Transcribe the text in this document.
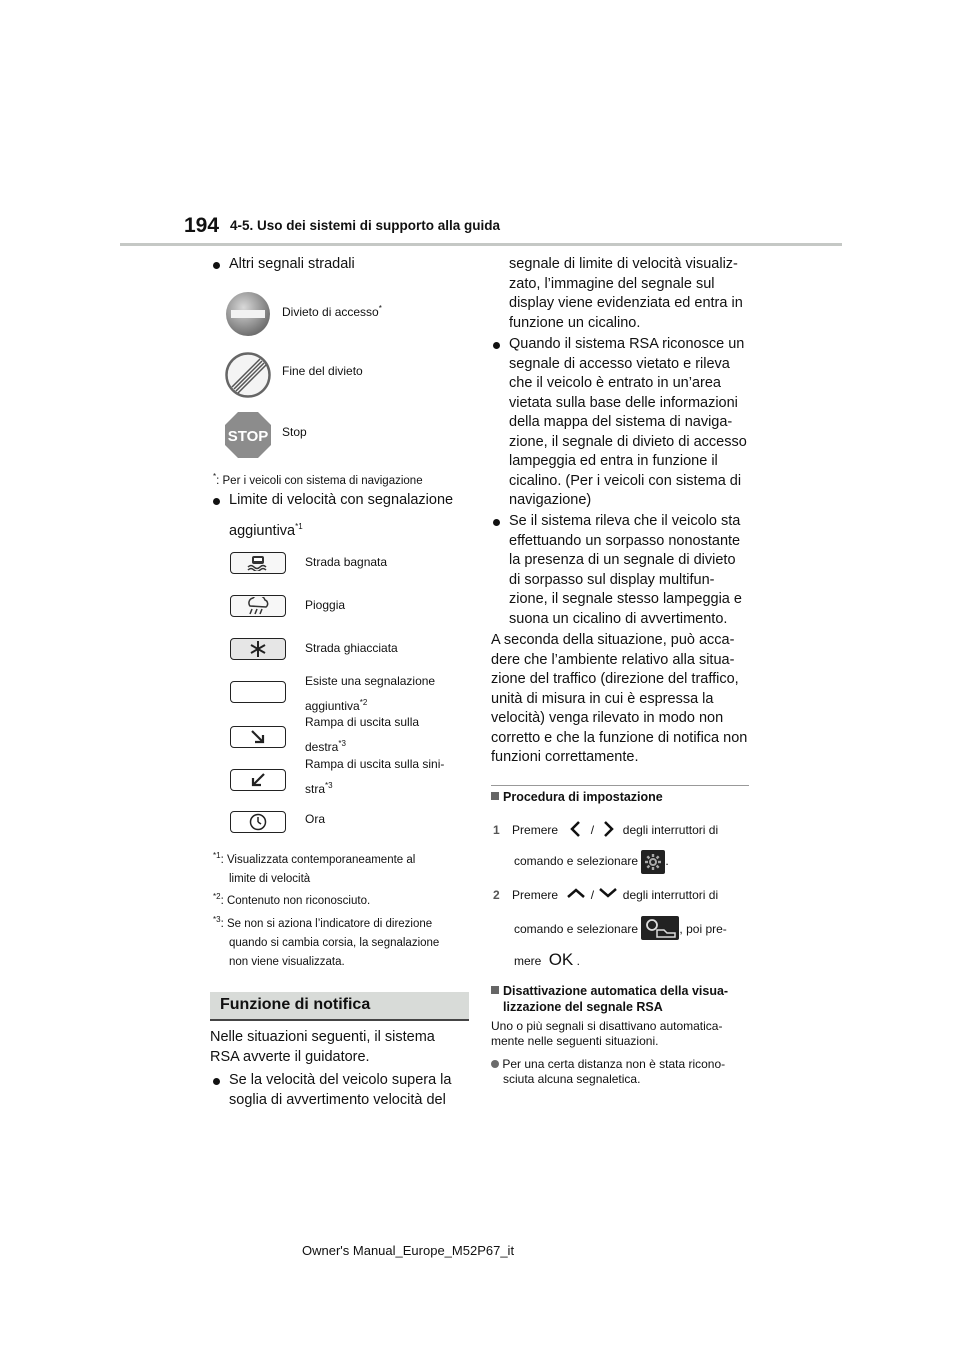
194 4-5. Uso dei sistemi di supporto alla guida
Altri segnali stradali
Divieto di accesso*
Fine del divieto
STOP Stop
*: Per i veicoli con sistema di navigazione
Limite di velocità con segnalazione
aggiuntiva$^{*1}$
Strada bagnata
Pioggia
Strada ghiacciata
Esiste una segnalazione
aggiuntiva$^{*2}$
Rampa di uscita sulla
destra$^{*3}$
Rampa di uscita sulla sini-
stra$^{*3}$
Ora
$^{*1}$: Visualizzata contemporaneamente al
limite di velocità
$^{*2}$: Contenuto non riconosciuto.
$^{*3}$: Se non si aziona l’indicatore di direzione
quando si cambia corsia, la segnalazione
non viene visualizzata.
Funzione di notifica
Nelle situazioni seguenti, il sistema
RSA avverte il guidatore.
Se la velocità del veicolo supera la
soglia di avvertimento velocità del
segnale di limite di velocità visualiz-
zato, l’immagine del segnale sul
display viene evidenziata ed entra in
funzione un cicalino.
Quando il sistema RSA riconosce un
segnale di accesso vietato e rileva
che il veicolo è entrato in un’area
vietata sulla base delle informazioni
della mappa del sistema di naviga-
zione, il segnale di divieto di accesso
lampeggia ed entra in funzione il
cicalino. (Per i veicoli con sistema di
navigazione)
Se il sistema rileva che il veicolo sta
effettuando un sorpasso nonostante
la presenza di un segnale di divieto
di sorpasso sul display multifun-
zione, il segnale stesso lampeggia e
suona un cicalino di avvertimento.
A seconda della situazione, può acca-
dere che l’ambiente relativo alla situa-
zione del traffico (direzione del traffico,
unità di misura in cui è espressa la
velocità) venga rilevato in modo non
corretto e che la funzione di notifica non
funzioni correttamente.
Procedura di impostazione
1 Premere	/ degli interruttori di
comando e selezionare .
2 Premere	/ degli interruttori di
comando e selezionare	, poi pre-
mere OK .
Disattivazione automatica della visua-
lizzazione del segnale RSA
Uno o più segnali si disattivano automatica-
mente nelle seguenti situazioni.
Per una certa distanza non è stata ricono-
sciuta alcuna segnaletica.
Owner's Manual_Europe_M52P67_it
